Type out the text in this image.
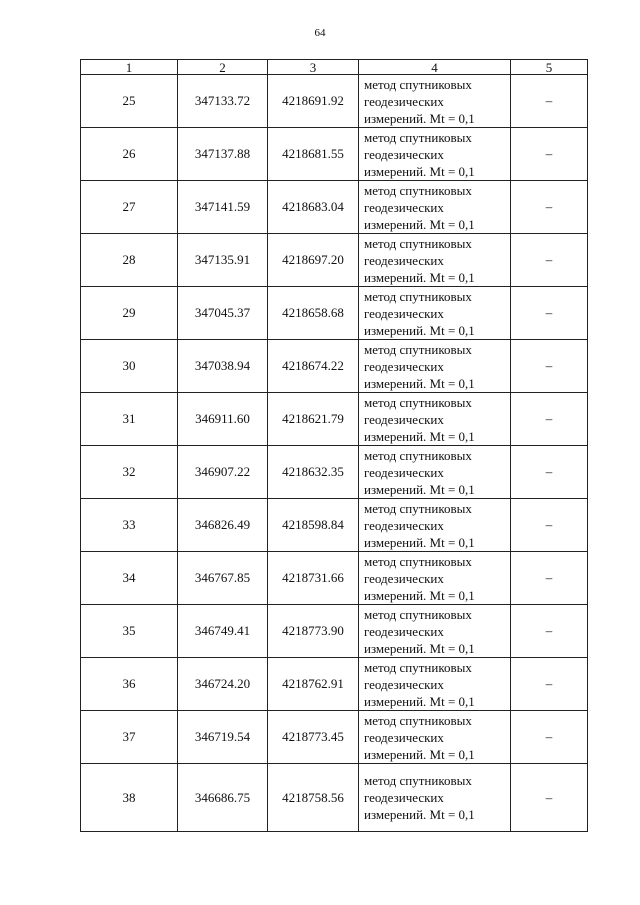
64
1	2	3	4	5
25	347133.72	4218691.92	метод спутниковых
геодезических
измерений. Mt = 0,1	–
26	347137.88	4218681.55	метод спутниковых
геодезических
измерений. Mt = 0,1	–
27	347141.59	4218683.04	метод спутниковых
геодезических
измерений. Mt = 0,1	–
28	347135.91	4218697.20	метод спутниковых
геодезических
измерений. Mt = 0,1	–
29	347045.37	4218658.68	метод спутниковых
геодезических
измерений. Mt = 0,1	–
30	347038.94	4218674.22	метод спутниковых
геодезических
измерений. Mt = 0,1	–
31	346911.60	4218621.79	метод спутниковых
геодезических
измерений. Mt = 0,1	–
32	346907.22	4218632.35	метод спутниковых
геодезических
измерений. Mt = 0,1	–
33	346826.49	4218598.84	метод спутниковых
геодезических
измерений. Mt = 0,1	–
34	346767.85	4218731.66	метод спутниковых
геодезических
измерений. Mt = 0,1	–
35	346749.41	4218773.90	метод спутниковых
геодезических
измерений. Mt = 0,1	–
36	346724.20	4218762.91	метод спутниковых
геодезических
измерений. Mt = 0,1	–
37	346719.54	4218773.45	метод спутниковых
геодезических
измерений. Mt = 0,1	–
38	346686.75	4218758.56	метод спутниковых
геодезических
измерений. Mt = 0,1	–
